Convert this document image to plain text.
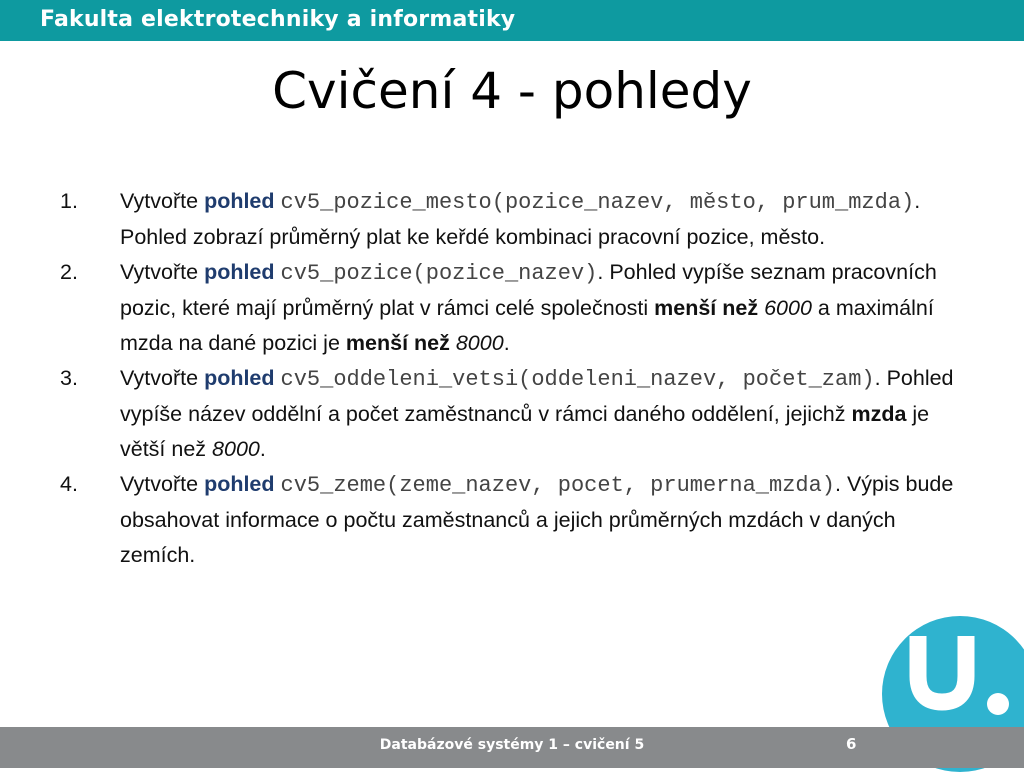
Fakulta elektrotechniky a informatiky
Cvičení 4 - pohledy
1. Vytvořte pohled cv5_pozice_mesto(pozice_nazev, město, prum_mzda). Pohled zobrazí průměrný plat ke keřdé kombinaci pracovní pozice, město.
2. Vytvořte pohled cv5_pozice(pozice_nazev). Pohled vypíše seznam pracovních pozic, které mají průměrný plat v rámci celé společnosti menší než 6000 a maximální mzda na dané pozici je menší než 8000.
3. Vytvořte pohled cv5_oddeleni_vetsi(oddeleni_nazev, počet_zam). Pohled vypíše název oddělní a počet zaměstnanců v rámci daného oddělení, jejichž mzda je větší než 8000.
4. Vytvořte pohled cv5_zeme(zeme_nazev, pocet, prumerna_mzda). Výpis bude obsahovat informace o počtu zaměstnanců a jejich průměrných mzdách v daných zemích.
Databázové systémy 1 – cvičení 5	6
